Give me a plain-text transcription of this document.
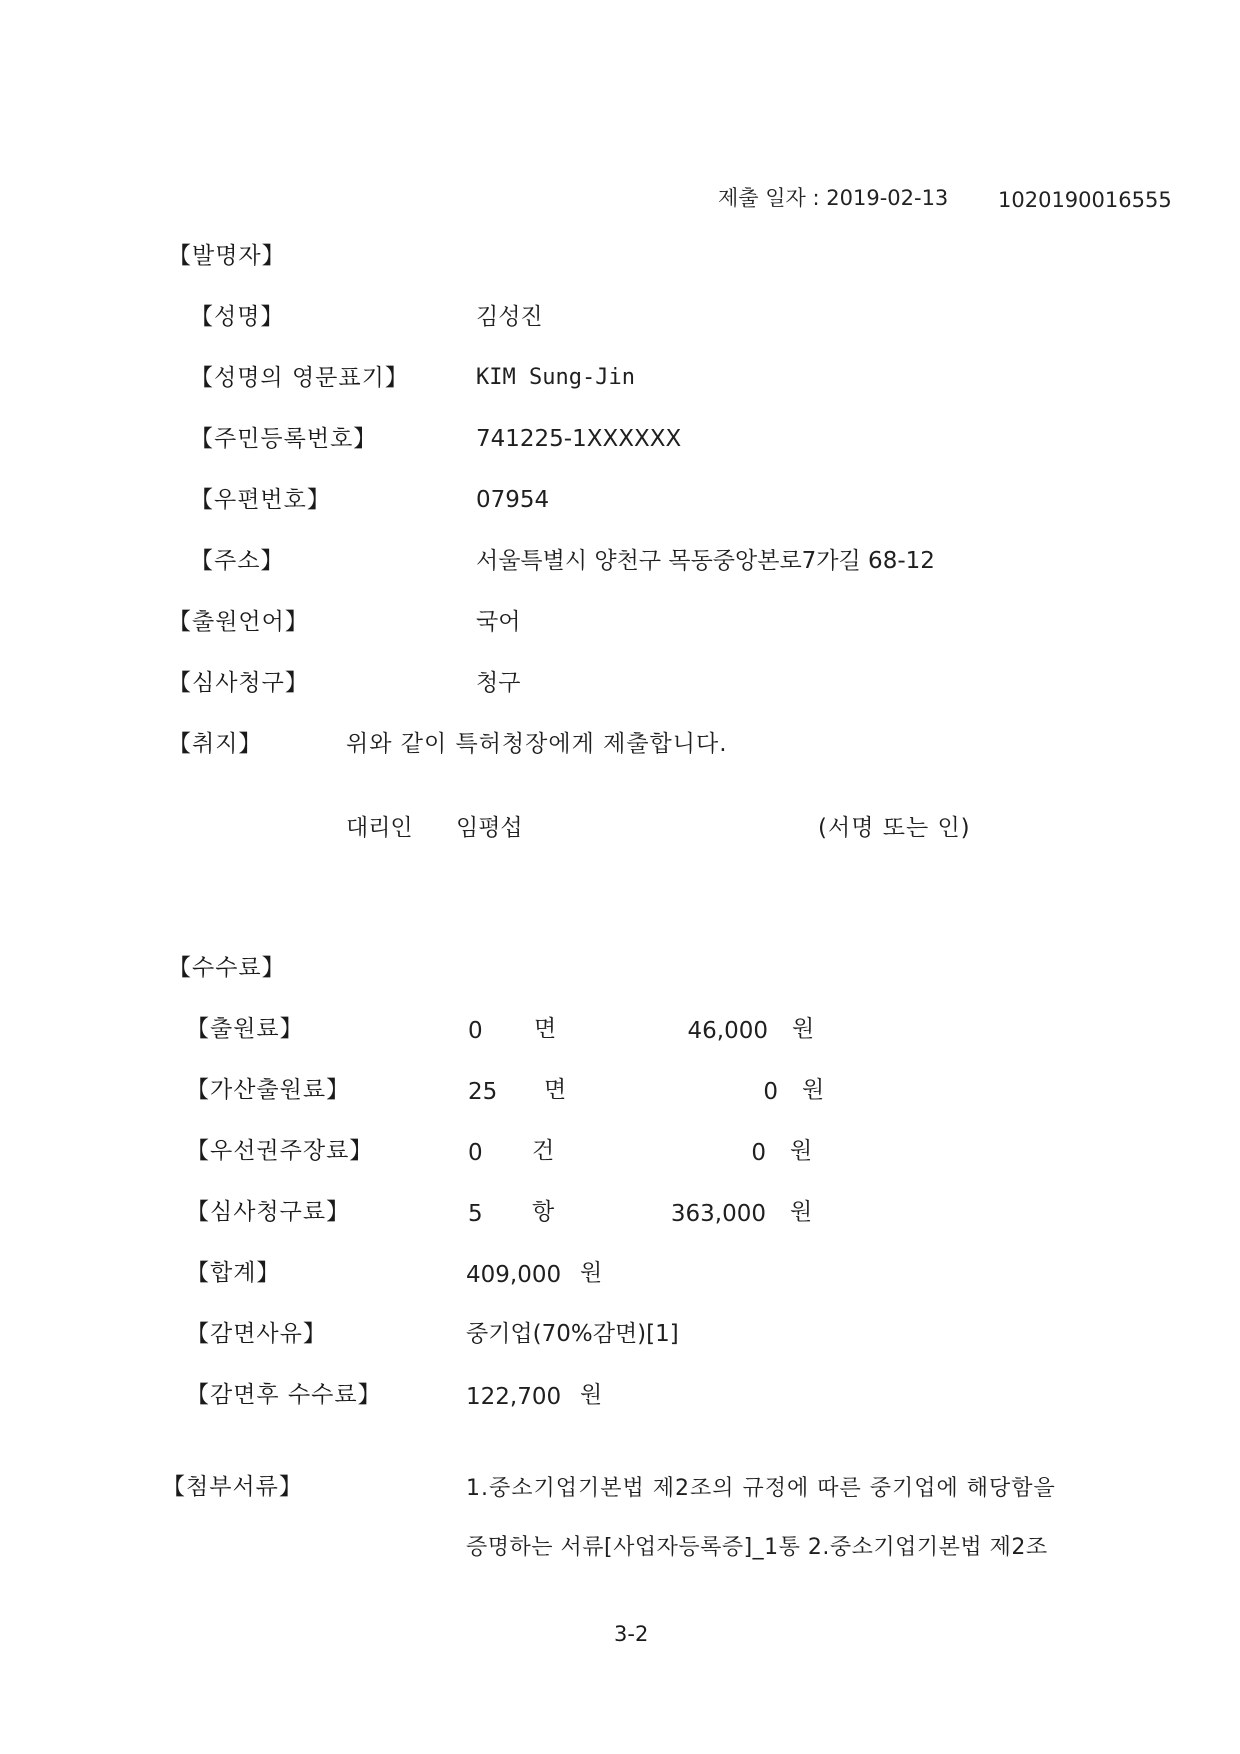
제출 일자 : 2019-02-13 1020190016555
【발명자】
【성명】	김성진
【성명의 영문표기】	KIM Sung-Jin
【주민등록번호】	741225-1XXXXXX
【우편번호】	07954
【주소】	서울특별시 양천구 목동중앙본로7가길 68-12
【출원언어】	국어
【심사청구】	청구
【취지】	위와 같이 특허청장에게 제출합니다.
대리인 임평섭	(서명 또는 인)
【수수료】
【출원료】	0 면	46,000 원
【가산출원료】	25 면	0 원
【우선권주장료】	0 건	0 원
【심사청구료】	5 항	363,000 원
【합계】	409,000 원
【감면사유】	중기업(70%감면)[1]
【감면후 수수료】	122,700 원
【첨부서류】	1.중소기업기본법 제2조의 규정에 따른 중기업에 해당함을
증명하는 서류[사업자등록증]_1통 2.중소기업기본법 제2조
3-2
